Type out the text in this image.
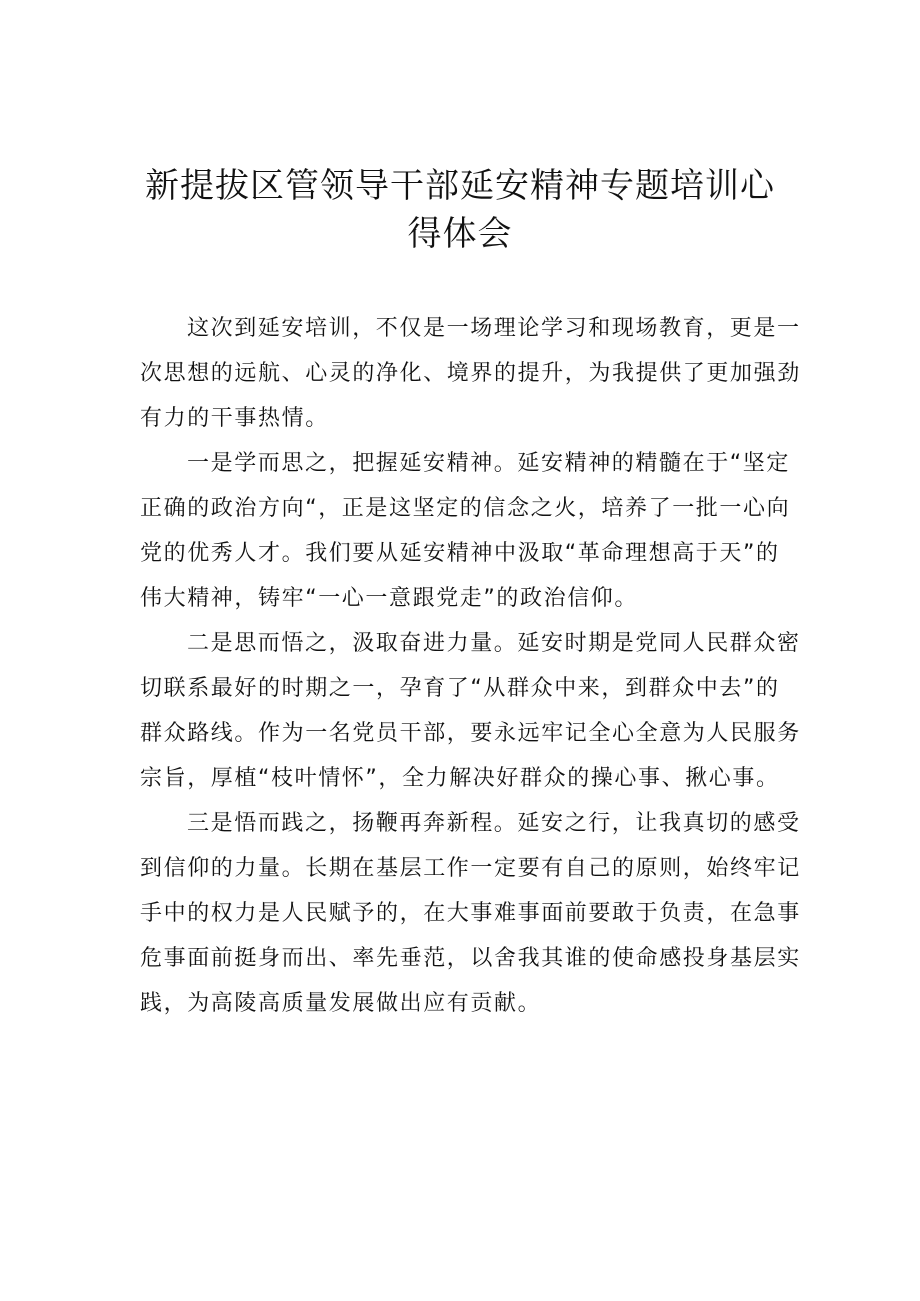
新提拔区管领导干部延安精神专题培训心
得体会

这次到延安培训，不仅是一场理论学习和现场教育，更是一
次思想的远航、心灵的净化、境界的提升，为我提供了更加强劲
有力的干事热情。

一是学而思之，把握延安精神。延安精神的精髓在于“坚定
正确的政治方向“，正是这坚定的信念之火，培养了一批一心向
党的优秀人才。我们要从延安精神中汲取“革命理想高于天”的
伟大精神，铸牢“一心一意跟党走”的政治信仰。

二是思而悟之，汲取奋进力量。延安时期是党同人民群众密
切联系最好的时期之一，孕育了“从群众中来，到群众中去”的
群众路线。作为一名党员干部，要永远牢记全心全意为人民服务
宗旨，厚植“枝叶情怀”，全力解决好群众的操心事、揪心事。

三是悟而践之，扬鞭再奔新程。延安之行，让我真切的感受
到信仰的力量。长期在基层工作一定要有自己的原则，始终牢记
手中的权力是人民赋予的，在大事难事面前要敢于负责，在急事
危事面前挺身而出、率先垂范，以舍我其谁的使命感投身基层实
践，为高陵高质量发展做出应有贡献。
